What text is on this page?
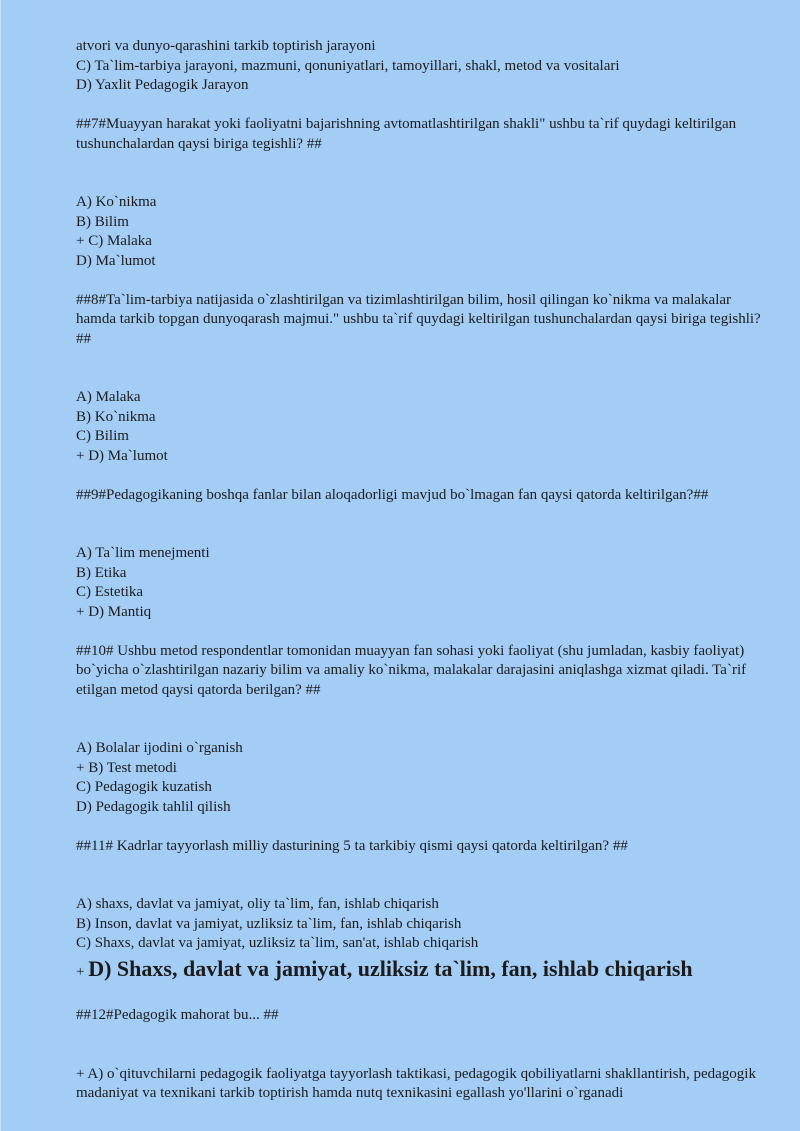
atvori va dunyo-qarashini tarkib toptirish jarayoni
C) Ta`lim-tarbiya jarayoni, mazmuni, qonuniyatlari, tamoyillari, shakl, metod va vositalari
D) Yaxlit Pedagogik Jarayon
##7#Muayyan harakat yoki faoliyatni bajarishning avtomatlashtirilgan shakli" ushbu ta`rif quydagi keltirilgan tushunchalardan qaysi biriga tegishli? ##
A) Ko`nikma
B) Bilim
+ C) Malaka
D) Ma`lumot
##8#Ta`lim-tarbiya natijasida o`zlashtirilgan va tizimlashtirilgan bilim, hosil qilingan ko`nikma va malakalar hamda tarkib topgan dunyoqarash majmui." ushbu ta`rif quydagi keltirilgan tushunchalardan qaysi biriga tegishli? ##
A) Malaka
B) Ko`nikma
C) Bilim
+ D) Ma`lumot
##9#Pedagogikaning boshqa fanlar bilan aloqadorligi mavjud bo`lmagan fan qaysi qatorda keltirilgan?##
A) Ta`lim menejmenti
B) Etika
C) Estetika
+ D) Mantiq
##10# Ushbu metod respondentlar tomonidan muayyan fan sohasi yoki faoliyat (shu jumladan, kasbiy faoliyat) bo`yicha o`zlashtirilgan nazariy bilim va amaliy ko`nikma, malakalar darajasini aniqlashga xizmat qiladi. Ta`rif etilgan metod qaysi qatorda berilgan? ##
A) Bolalar ijodini o`rganish
+ B) Test metodi
C) Pedagogik kuzatish
D) Pedagogik tahlil qilish
##11# Kadrlar tayyorlash milliy dasturining 5 ta tarkibiy qismi qaysi qatorda keltirilgan? ##
A) shaxs, davlat va jamiyat, oliy ta`lim, fan, ishlab chiqarish
B) Inson, davlat va jamiyat, uzliksiz ta`lim, fan, ishlab chiqarish
C) Shaxs, davlat va jamiyat, uzliksiz ta`lim, san'at, ishlab chiqarish
+ D) Shaxs, davlat va jamiyat, uzliksiz ta`lim, fan, ishlab chiqarish
##12#Pedagogik mahorat bu... ##
+ A) o`qituvchilarni pedagogik faoliyatga tayyorlash taktikasi, pedagogik qobiliyatlarni shakllantirish, pedagogik madaniyat va texnikani tarkib toptirish hamda nutq texnikasini egallash yo'llarini o`rganadi
